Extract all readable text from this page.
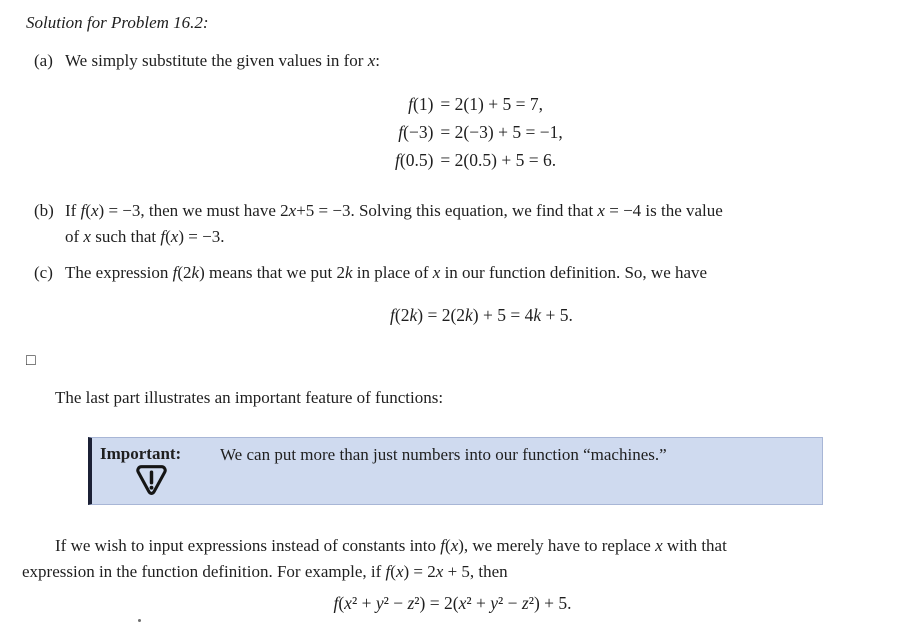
Solution for Problem 16.2:
(a) We simply substitute the given values in for x:
f(1) = 2(1) + 5 = 7,
f(−3) = 2(−3) + 5 = −1,
f(0.5) = 2(0.5) + 5 = 6.
(b) If f(x) = −3, then we must have 2x+5 = −3. Solving this equation, we find that x = −4 is the value
of x such that f(x) = −3.
(c) The expression f(2k) means that we put 2k in place of x in our function definition. So, we have
f(2k) = 2(2k) + 5 = 4k + 5.
□
The last part illustrates an important feature of functions:
Important: We can put more than just numbers into our function “machines.”
If we wish to input expressions instead of constants into f(x), we merely have to replace x with that
expression in the function definition. For example, if f(x) = 2x + 5, then
f(x² + y² − z²) = 2(x² + y² − z²) + 5.
